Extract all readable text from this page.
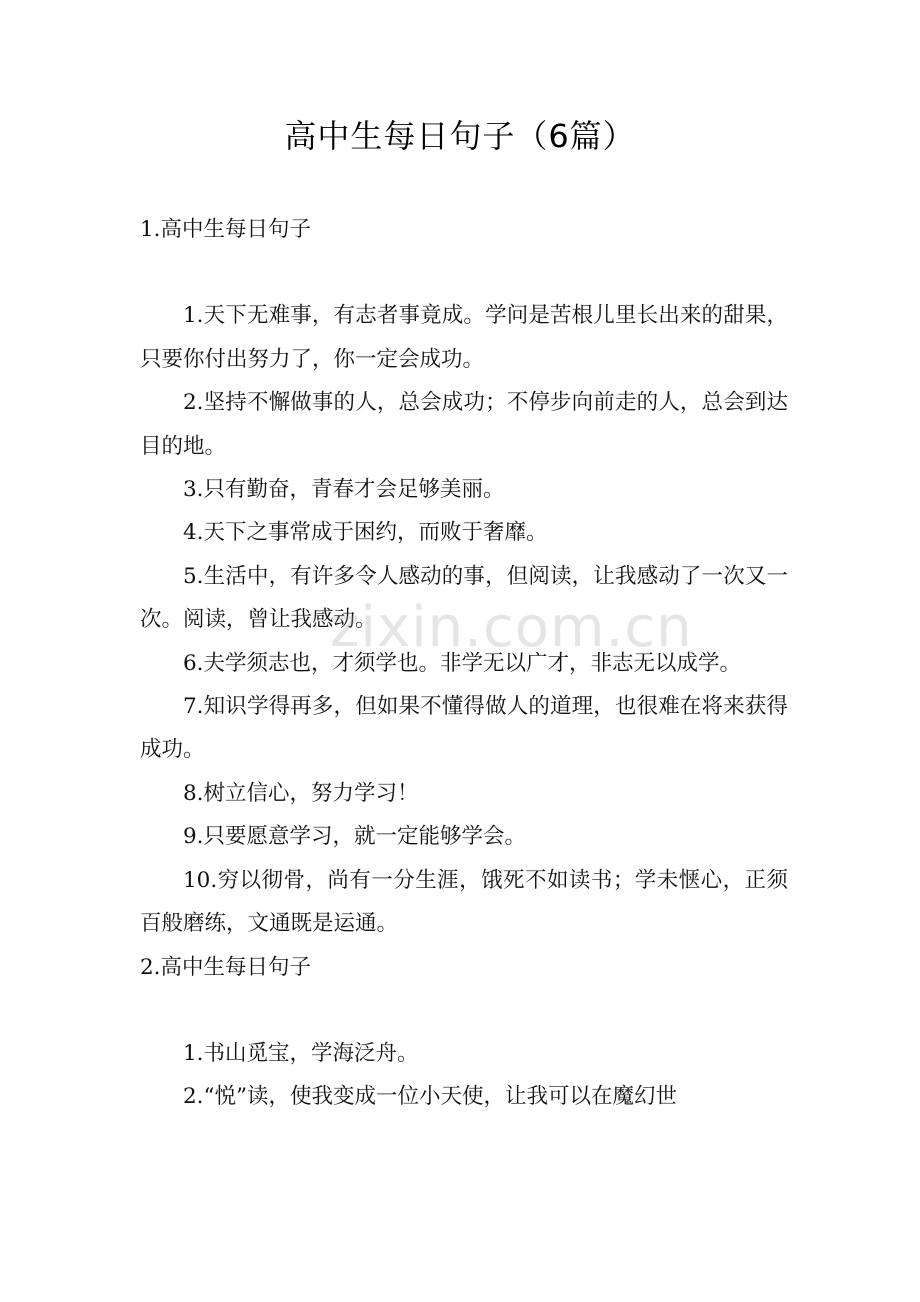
高中生每日句子（6篇）

1.高中生每日句子

1.天下无难事，有志者事竟成。学问是苦根儿里长出来的甜果，只要你付出努力了，你一定会成功。

2.坚持不懈做事的人，总会成功；不停步向前走的人，总会到达目的地。

3.只有勤奋，青春才会足够美丽。

4.天下之事常成于困约，而败于奢靡。

5.生活中，有许多令人感动的事，但阅读，让我感动了一次又一次。阅读，曾让我感动。

6.夫学须志也，才须学也。非学无以广才，非志无以成学。

7.知识学得再多，但如果不懂得做人的道理，也很难在将来获得成功。

8.树立信心，努力学习！

9.只要愿意学习，就一定能够学会。

10.穷以彻骨，尚有一分生涯，饿死不如读书；学未惬心，正须百般磨练，文通既是运通。

2.高中生每日句子

1.书山觅宝，学海泛舟。

2.“悦”读，使我变成一位小天使，让我可以在魔幻世

zixin.com.cn
